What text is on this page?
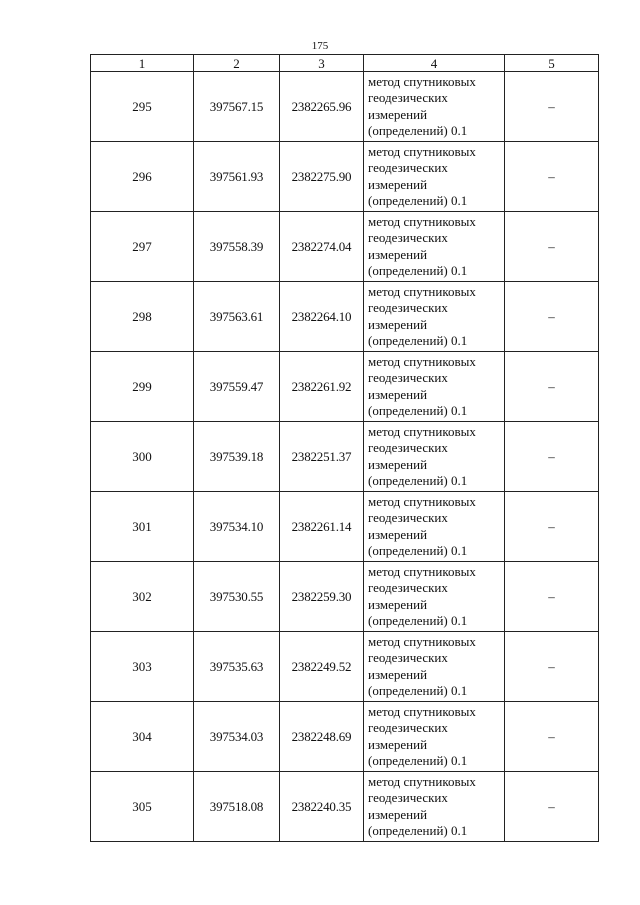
175
1	2	3	4	5
295	397567.15	2382265.96	метод спутниковых
геодезических
измерений
(определений) 0.1	–
296	397561.93	2382275.90	метод спутниковых
геодезических
измерений
(определений) 0.1	–
297	397558.39	2382274.04	метод спутниковых
геодезических
измерений
(определений) 0.1	–
298	397563.61	2382264.10	метод спутниковых
геодезических
измерений
(определений) 0.1	–
299	397559.47	2382261.92	метод спутниковых
геодезических
измерений
(определений) 0.1	–
300	397539.18	2382251.37	метод спутниковых
геодезических
измерений
(определений) 0.1	–
301	397534.10	2382261.14	метод спутниковых
геодезических
измерений
(определений) 0.1	–
302	397530.55	2382259.30	метод спутниковых
геодезических
измерений
(определений) 0.1	–
303	397535.63	2382249.52	метод спутниковых
геодезических
измерений
(определений) 0.1	–
304	397534.03	2382248.69	метод спутниковых
геодезических
измерений
(определений) 0.1	–
305	397518.08	2382240.35	метод спутниковых
геодезических
измерений
(определений) 0.1	–
